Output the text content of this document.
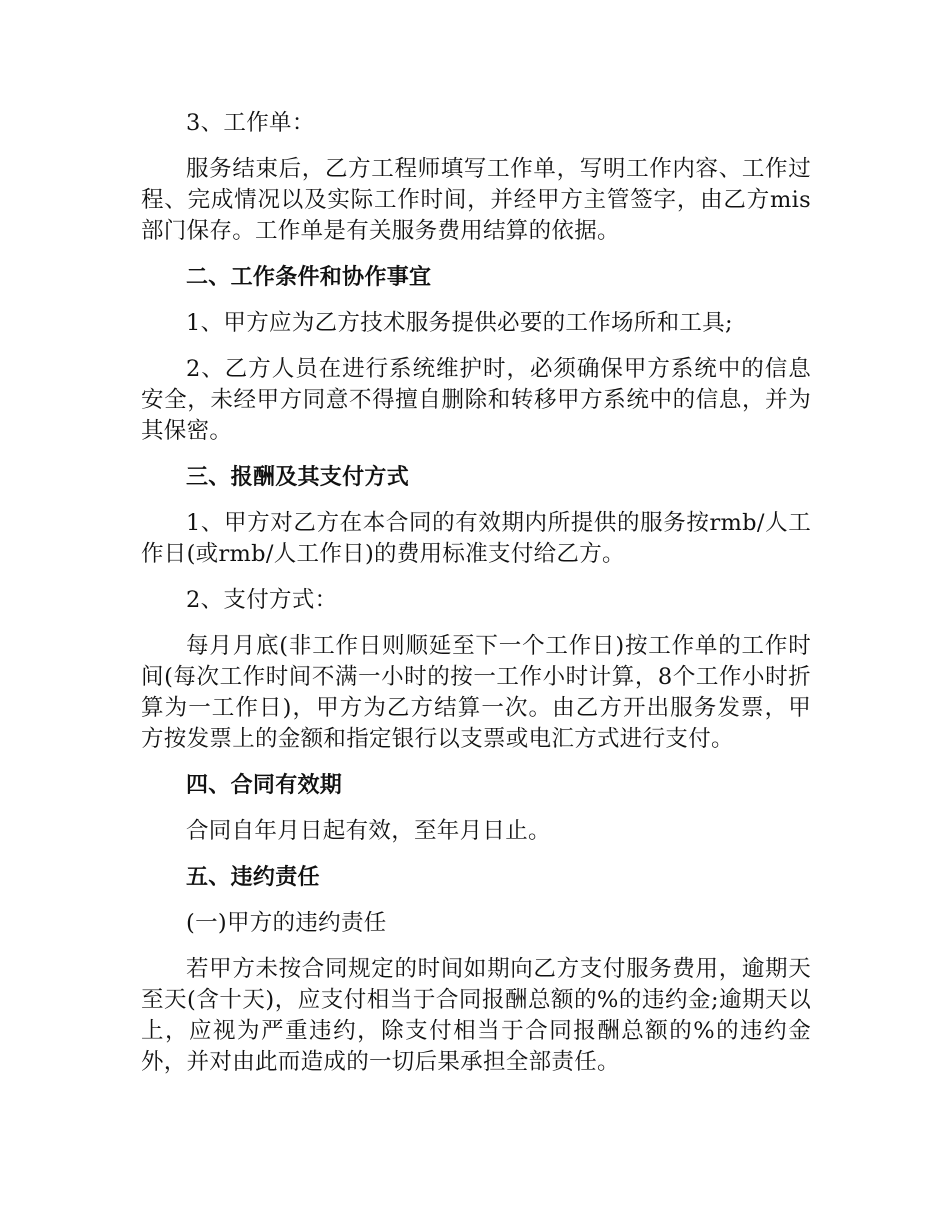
3、工作单：

服务结束后，乙方工程师填写工作单，写明工作内容、工作过程、完成情况以及实际工作时间，并经甲方主管签字，由乙方mis部门保存。工作单是有关服务费用结算的依据。

二、工作条件和协作事宜

1、甲方应为乙方技术服务提供必要的工作场所和工具;

2、乙方人员在进行系统维护时，必须确保甲方系统中的信息安全，未经甲方同意不得擅自删除和转移甲方系统中的信息，并为其保密。

三、报酬及其支付方式

1、甲方对乙方在本合同的有效期内所提供的服务按rmb/人工作日(或rmb/人工作日)的费用标准支付给乙方。

2、支付方式：

每月月底(非工作日则顺延至下一个工作日)按工作单的工作时间(每次工作时间不满一小时的按一工作小时计算，8个工作小时折算为一工作日)，甲方为乙方结算一次。由乙方开出服务发票，甲方按发票上的金额和指定银行以支票或电汇方式进行支付。

四、合同有效期

合同自年月日起有效，至年月日止。

五、违约责任

(一)甲方的违约责任

若甲方未按合同规定的时间如期向乙方支付服务费用，逾期天至天(含十天)，应支付相当于合同报酬总额的%的违约金;逾期天以上，应视为严重违约，除支付相当于合同报酬总额的%的违约金外，并对由此而造成的一切后果承担全部责任。
